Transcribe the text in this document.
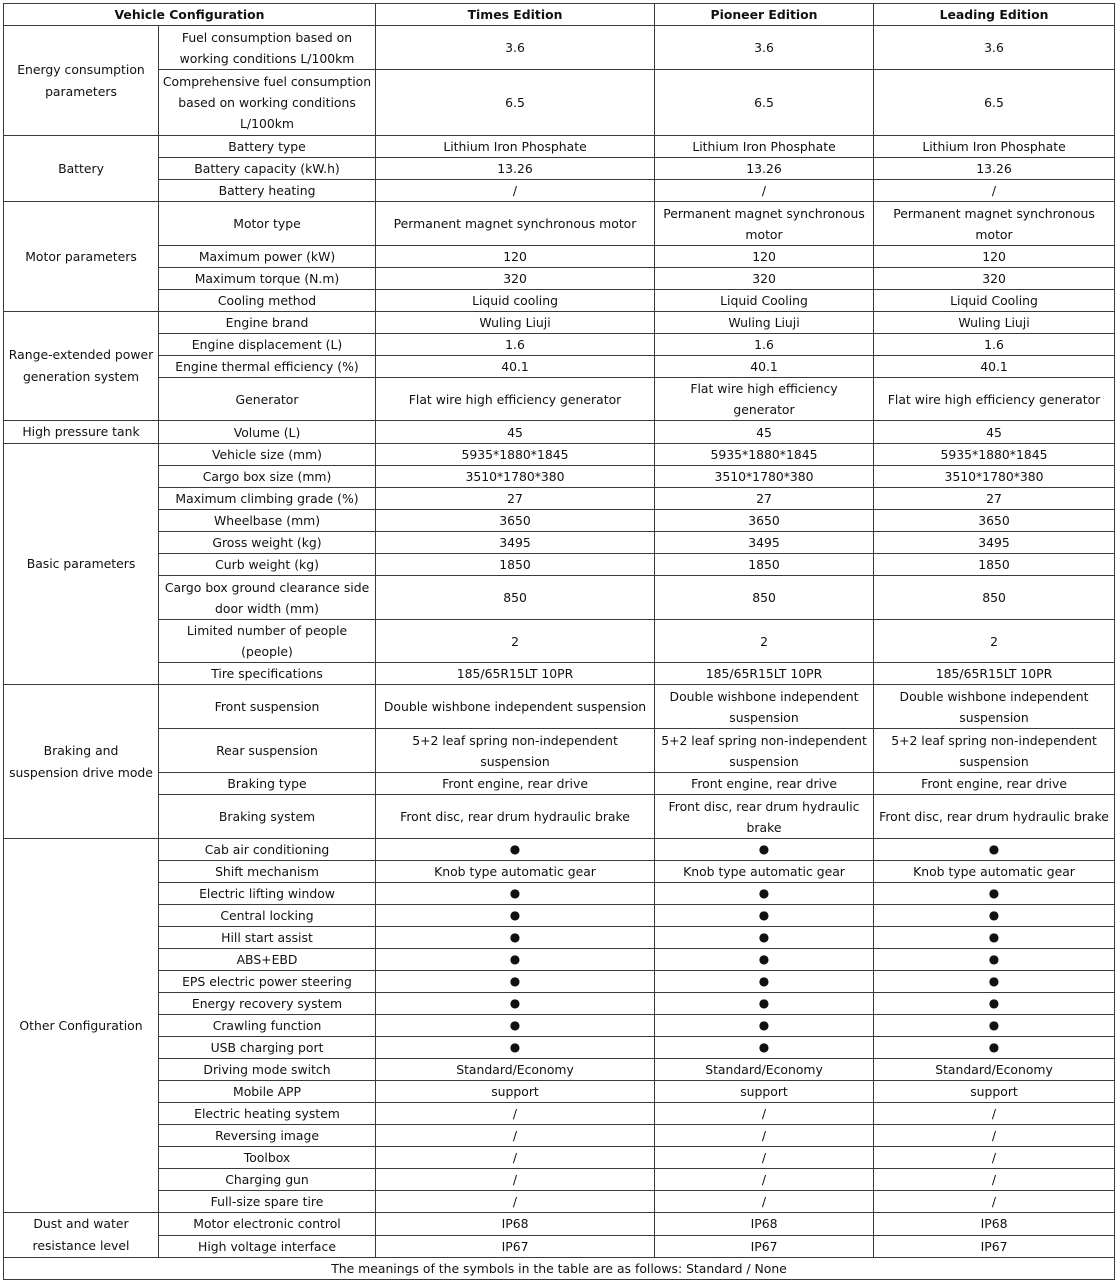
Vehicle Configuration		Times Edition	Pioneer Edition	Leading Edition
Energy consumption parameters	Fuel consumption based on working conditions L/100km	3.6	3.6	3.6
	Comprehensive fuel consumption based on working conditions L/100km	6.5	6.5	6.5
Battery	Battery type	Lithium Iron Phosphate	Lithium Iron Phosphate	Lithium Iron Phosphate
	Battery capacity (kW.h)	13.26	13.26	13.26
	Battery heating	/	/	/
Motor parameters	Motor type	Permanent magnet synchronous motor	Permanent magnet synchronous motor	Permanent magnet synchronous motor
	Maximum power (kW)	120	120	120
	Maximum torque (N.m)	320	320	320
	Cooling method	Liquid cooling	Liquid Cooling	Liquid Cooling
Range-extended power generation system	Engine brand	Wuling Liuji	Wuling Liuji	Wuling Liuji
	Engine displacement (L)	1.6	1.6	1.6
	Engine thermal efficiency (%)	40.1	40.1	40.1
	Generator	Flat wire high efficiency generator	Flat wire high efficiency generator	Flat wire high efficiency generator
High pressure tank	Volume (L)	45	45	45
Basic parameters	Vehicle size (mm)	5935*1880*1845	5935*1880*1845	5935*1880*1845
	Cargo box size (mm)	3510*1780*380	3510*1780*380	3510*1780*380
	Maximum climbing grade (%)	27	27	27
	Wheelbase (mm)	3650	3650	3650
	Gross weight (kg)	3495	3495	3495
	Curb weight (kg)	1850	1850	1850
	Cargo box ground clearance side door width (mm)	850	850	850
	Limited number of people (people)	2	2	2
	Tire specifications	185/65R15LT 10PR	185/65R15LT 10PR	185/65R15LT 10PR
Braking and suspension drive mode	Front suspension	Double wishbone independent suspension	Double wishbone independent suspension	Double wishbone independent suspension
	Rear suspension	5+2 leaf spring non-independent suspension	5+2 leaf spring non-independent suspension	5+2 leaf spring non-independent suspension
	Braking type	Front engine, rear drive	Front engine, rear drive	Front engine, rear drive
	Braking system	Front disc, rear drum hydraulic brake	Front disc, rear drum hydraulic brake	Front disc, rear drum hydraulic brake
Other Configuration	Cab air conditioning	●	●	●
	Shift mechanism	Knob type automatic gear	Knob type automatic gear	Knob type automatic gear
	Electric lifting window	●	●	●
	Central locking	●	●	●
	Hill start assist	●	●	●
	ABS+EBD	●	●	●
	EPS electric power steering	●	●	●
	Energy recovery system	●	●	●
	Crawling function	●	●	●
	USB charging port	●	●	●
	Driving mode switch	Standard/Economy	Standard/Economy	Standard/Economy
	Mobile APP	support	support	support
	Electric heating system	/	/	/
	Reversing image	/	/	/
	Toolbox	/	/	/
	Charging gun	/	/	/
	Full-size spare tire	/	/	/
Dust and water resistance level	Motor electronic control	IP68	IP68	IP68
	High voltage interface	IP67	IP67	IP67
The meanings of the symbols in the table are as follows: Standard / None				
